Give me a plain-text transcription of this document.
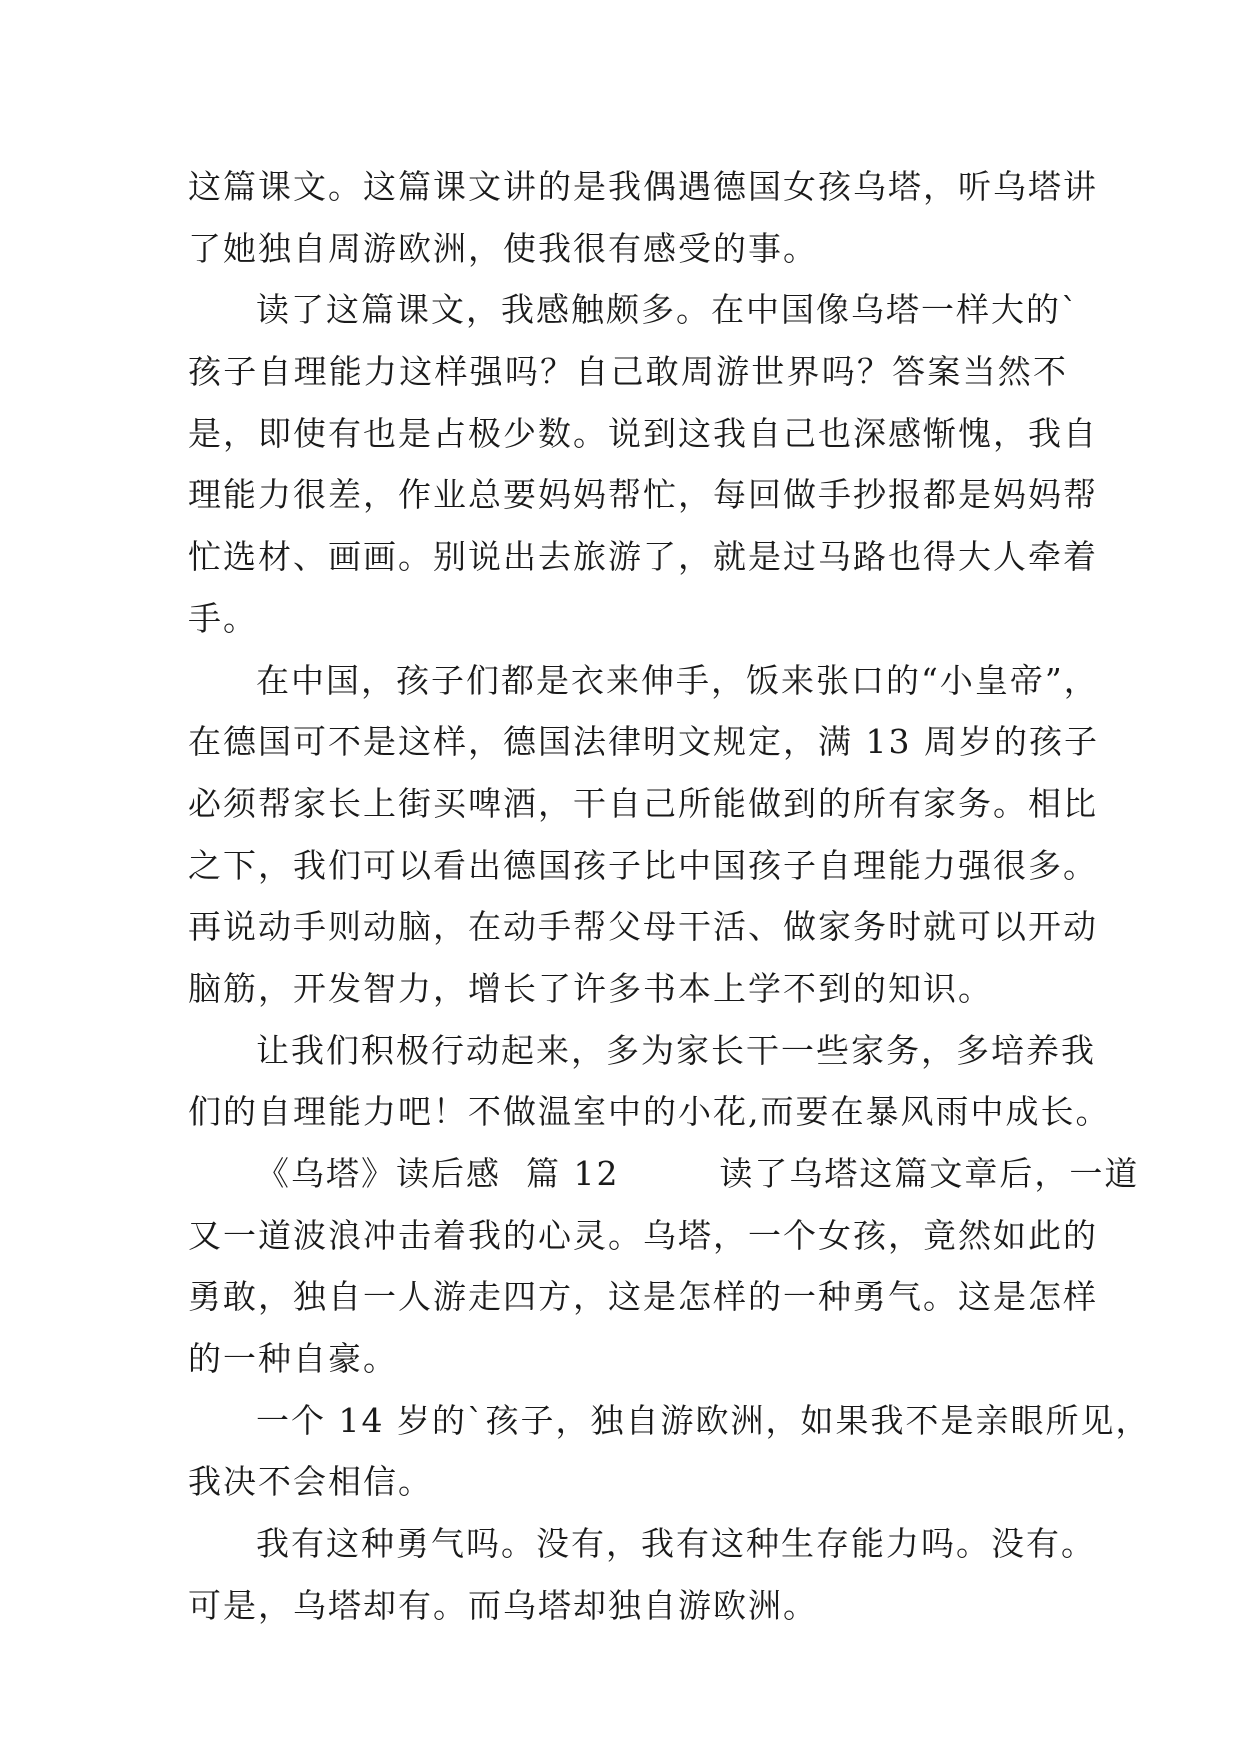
这篇课文。这篇课文讲的是我偶遇德国女孩乌塔，听乌塔讲
了她独自周游欧洲，使我很有感受的事。
读了这篇课文，我感触颇多。在中国像乌塔一样大的`
孩子自理能力这样强吗？自己敢周游世界吗？答案当然不
是，即使有也是占极少数。说到这我自己也深感惭愧，我自
理能力很差，作业总要妈妈帮忙，每回做手抄报都是妈妈帮
忙选材、画画。别说出去旅游了，就是过马路也得大人牵着
手。
在中国，孩子们都是衣来伸手，饭来张口的“小皇帝”，
在德国可不是这样，德国法律明文规定，满 13 周岁的孩子
必须帮家长上街买啤酒，干自己所能做到的所有家务。相比
之下，我们可以看出德国孩子比中国孩子自理能力强很多。
再说动手则动脑，在动手帮父母干活、做家务时就可以开动
脑筋，开发智力，增长了许多书本上学不到的知识。
让我们积极行动起来，多为家长干一些家务，多培养我
们的自理能力吧！不做温室中的小花,而要在暴风雨中成长。
《乌塔》读后感  篇 12        读了乌塔这篇文章后，一道
又一道波浪冲击着我的心灵。乌塔，一个女孩，竟然如此的
勇敢，独自一人游走四方，这是怎样的一种勇气。这是怎样
的一种自豪。
一个 14 岁的`孩子，独自游欧洲，如果我不是亲眼所见，
我决不会相信。
我有这种勇气吗。没有，我有这种生存能力吗。没有。
可是，乌塔却有。而乌塔却独自游欧洲。
